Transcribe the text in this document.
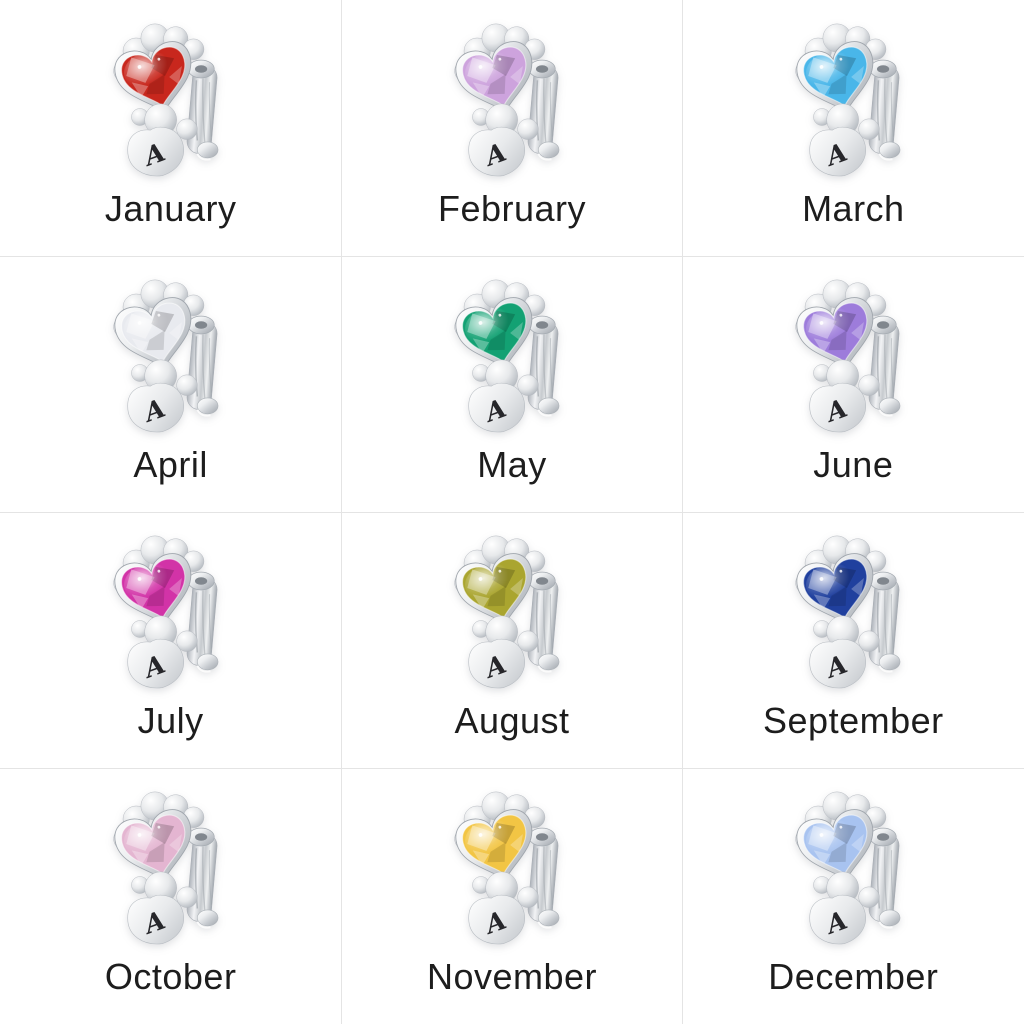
A
January
A
February
A
March
A
April
A
May
A
June
A
July
A
August
A
September
A
October
A
November
A
December
